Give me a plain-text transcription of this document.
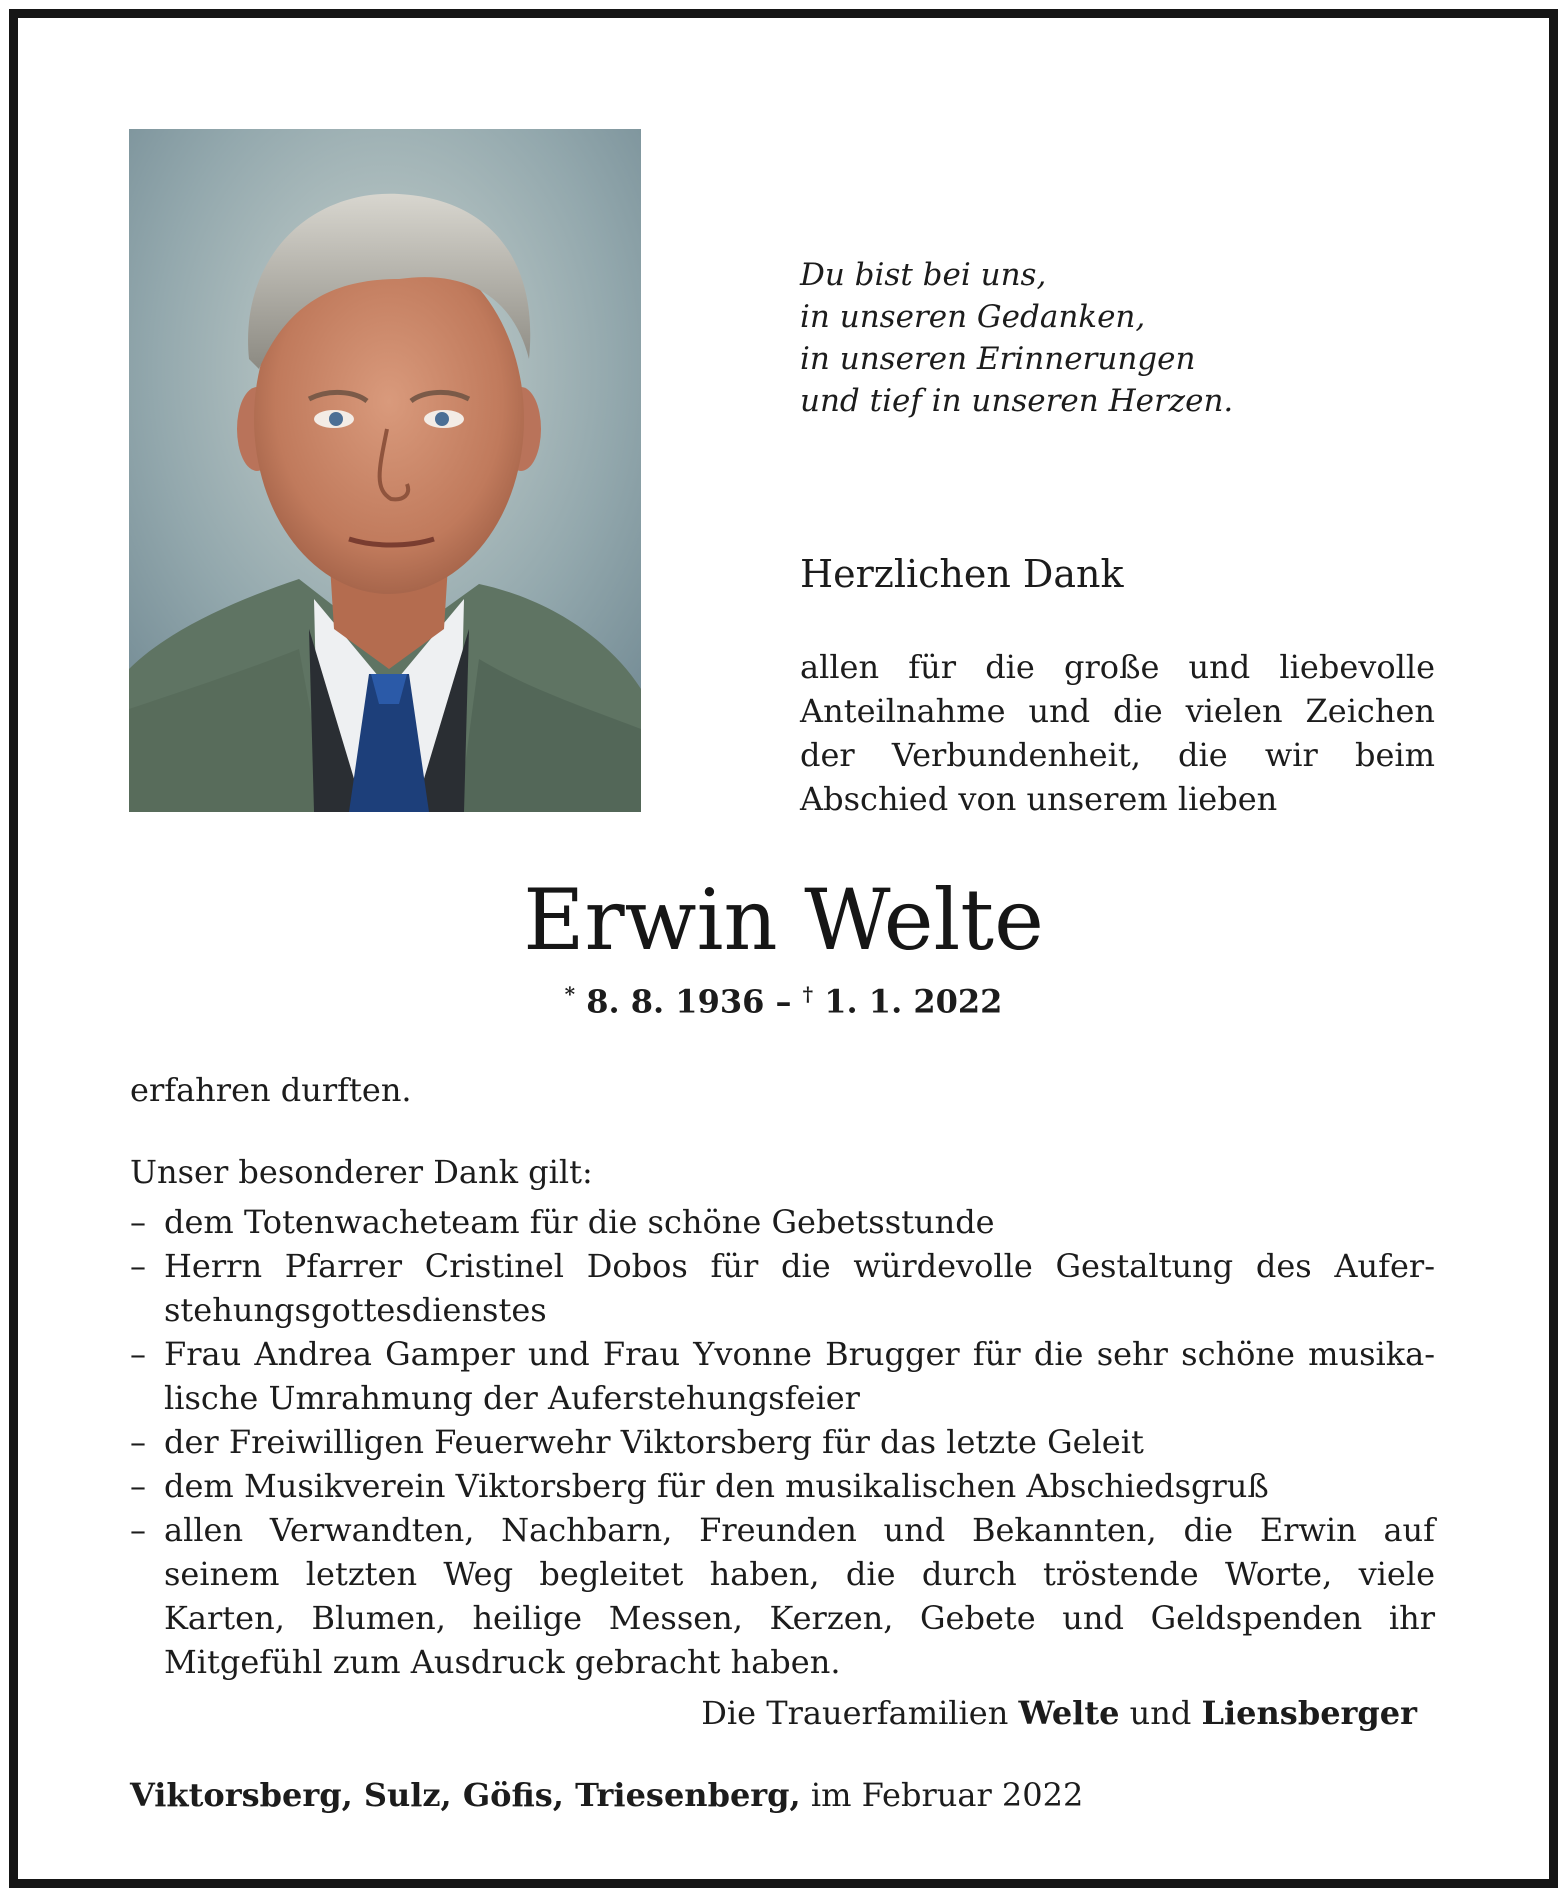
Du bist bei uns,
in unseren Gedanken,
in unseren Erinnerungen
und tief in unseren Herzen.
Herzlichen Dank
allen für die große und liebevolle
Anteilnahme und die vielen Zeichen
der Verbundenheit, die wir beim
Abschied von unserem lieben
Erwin Welte
* 8. 8. 1936 – † 1. 1. 2022
erfahren durften.
Unser besonderer Dank gilt:
– dem Totenwacheteam für die schöne Gebetsstunde
– Herrn Pfarrer Cristinel Dobos für die würdevolle Gestaltung des Aufer-
stehungsgottesdienstes
– Frau Andrea Gamper und Frau Yvonne Brugger für die sehr schöne musika-
lische Umrahmung der Auferstehungsfeier
– der Freiwilligen Feuerwehr Viktorsberg für das letzte Geleit
– dem Musikverein Viktorsberg für den musikalischen Abschiedsgruß
– allen Verwandten, Nachbarn, Freunden und Bekannten, die Erwin auf
seinem letzten Weg begleitet haben, die durch tröstende Worte, viele
Karten, Blumen, heilige Messen, Kerzen, Gebete und Geldspenden ihr
Mitgefühl zum Ausdruck gebracht haben.
Die Trauerfamilien Welte und Liensberger
Viktorsberg, Sulz, Göfis, Triesenberg, im Februar 2022
